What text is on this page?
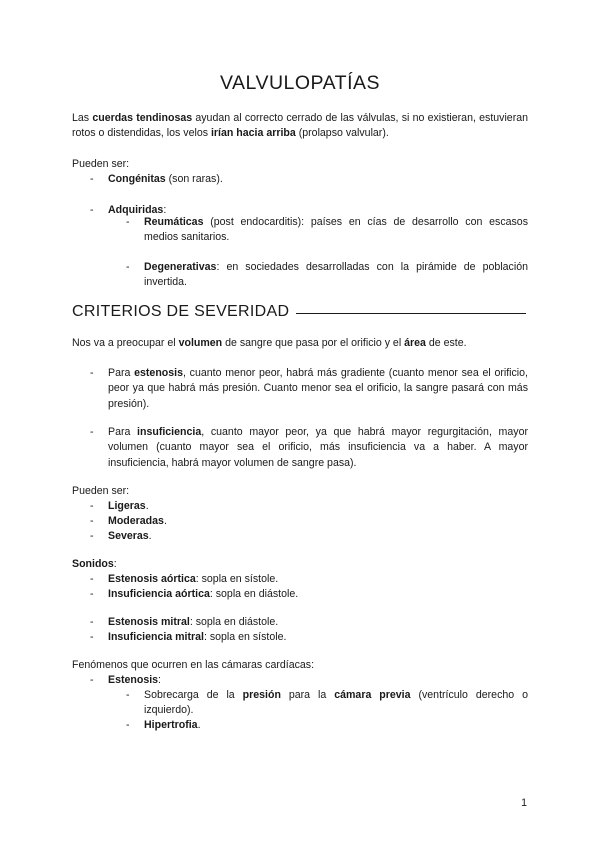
VALVULOPATÍAS
Las cuerdas tendinosas ayudan al correcto cerrado de las válvulas, si no existieran, estuvieran rotos o distendidas, los velos irían hacia arriba (prolapso valvular).
Pueden ser:
- Congénitas (son raras).
- Adquiridas:
- Reumáticas (post endocarditis): países en cías de desarrollo con escasos medios sanitarios.
- Degenerativas: en sociedades desarrolladas con la pirámide de población invertida.
CRITERIOS DE SEVERIDAD
Nos va a preocupar el volumen de sangre que pasa por el orificio y el área de este.
- Para estenosis, cuanto menor peor, habrá más gradiente (cuanto menor sea el orificio, peor ya que habrá más presión. Cuanto menor sea el orificio, la sangre pasará con más presión).
- Para insuficiencia, cuanto mayor peor, ya que habrá mayor regurgitación, mayor volumen (cuanto mayor sea el orificio, más insuficiencia va a haber. A mayor insuficiencia, habrá mayor volumen de sangre pasa).
Pueden ser:
- Ligeras.
- Moderadas.
- Severas.
Sonidos:
- Estenosis aórtica: sopla en sístole.
- Insuficiencia aórtica: sopla en diástole.
- Estenosis mitral: sopla en diástole.
- Insuficiencia mitral: sopla en sístole.
Fenómenos que ocurren en las cámaras cardíacas:
- Estenosis:
- Sobrecarga de la presión para la cámara previa (ventrículo derecho o izquierdo).
- Hipertrofia.
1
